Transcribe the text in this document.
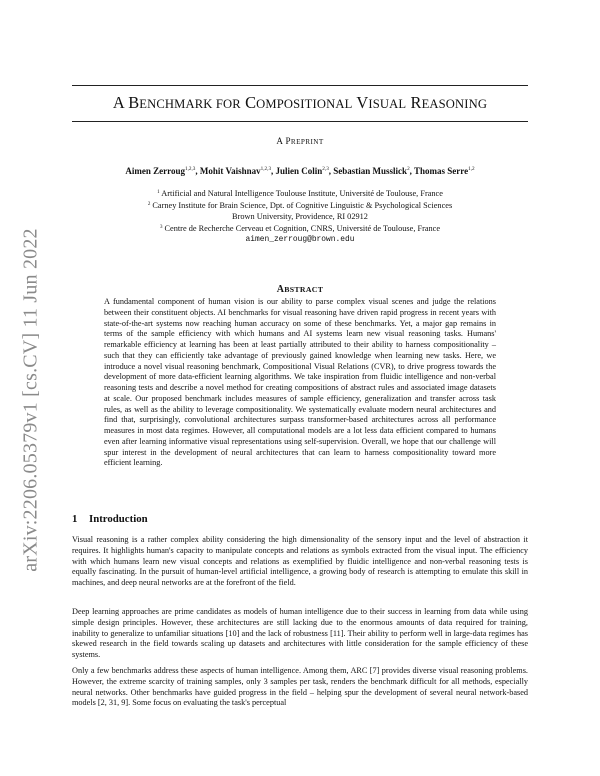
arXiv:2206.05379v1 [cs.CV] 11 Jun 2022
A BENCHMARK FOR COMPOSITIONAL VISUAL REASONING
A PREPRINT
Aimen Zerroug$^{1,2,3}$, Mohit Vaishnav$^{1,2,3}$, Julien Colin$^{2,3}$, Sebastian Musslick$^2$, Thomas Serre$^{1,2}$
$^1$ Artificial and Natural Intelligence Toulouse Institute, Université de Toulouse, France
$^2$ Carney Institute for Brain Science, Dpt. of Cognitive Linguistic & Psychological Sciences
Brown University, Providence, RI 02912
$^3$ Centre de Recherche Cerveau et Cognition, CNRS, Université de Toulouse, France
aimen_zerroug@brown.edu
ABSTRACT

A fundamental component of human vision is our ability to parse complex visual scenes and judge the relations between their constituent objects. AI benchmarks for visual reasoning have driven rapid progress in recent years with state-of-the-art systems now reaching human accuracy on some of these benchmarks. Yet, a major gap remains in terms of the sample efficiency with which humans and AI systems learn new visual reasoning tasks. Humans' remarkable efficiency at learning has been at least partially attributed to their ability to harness compositionality – such that they can efficiently take advantage of previously gained knowledge when learning new tasks. Here, we introduce a novel visual reasoning benchmark, Compositional Visual Relations (CVR), to drive progress towards the development of more data-efficient learning algorithms. We take inspiration from fluidic intelligence and non-verbal reasoning tests and describe a novel method for creating compositions of abstract rules and associated image datasets at scale. Our proposed benchmark includes measures of sample efficiency, generalization and transfer across task rules, as well as the ability to leverage compositionality. We systematically evaluate modern neural architectures and find that, surprisingly, convolutional architectures surpass transformer-based architectures across all performance measures in most data regimes. However, all computational models are a lot less data efficient compared to humans even after learning informative visual representations using self-supervision. Overall, we hope that our challenge will spur interest in the development of neural architectures that can learn to harness compositionality toward more efficient learning.

1 Introduction

Visual reasoning is a rather complex ability considering the high dimensionality of the sensory input and the level of abstraction it requires. It highlights human's capacity to manipulate concepts and relations as symbols extracted from the visual input. The efficiency with which humans learn new visual concepts and relations as exemplified by fluidic intelligence and non-verbal reasoning tests is equally fascinating. In the pursuit of human-level artificial intelligence, a growing body of research is attempting to emulate this skill in machines, and deep neural networks are at the forefront of the field.

Deep learning approaches are prime candidates as models of human intelligence due to their success in learning from data while using simple design principles. However, these architectures are still lacking due to the enormous amounts of data required for training, inability to generalize to unfamiliar situations [10] and the lack of robustness [11]. Their ability to perform well in large-data regimes has skewed research in the field towards scaling up datasets and architectures with little consideration for the sample efficiency of these systems.

Only a few benchmarks address these aspects of human intelligence. Among them, ARC [7] provides diverse visual reasoning problems. However, the extreme scarcity of training samples, only 3 samples per task, renders the benchmark difficult for all methods, especially neural networks. Other benchmarks have guided progress in the field – helping spur the development of several neural network-based models [2, 31, 9]. Some focus on evaluating the task's perceptual
